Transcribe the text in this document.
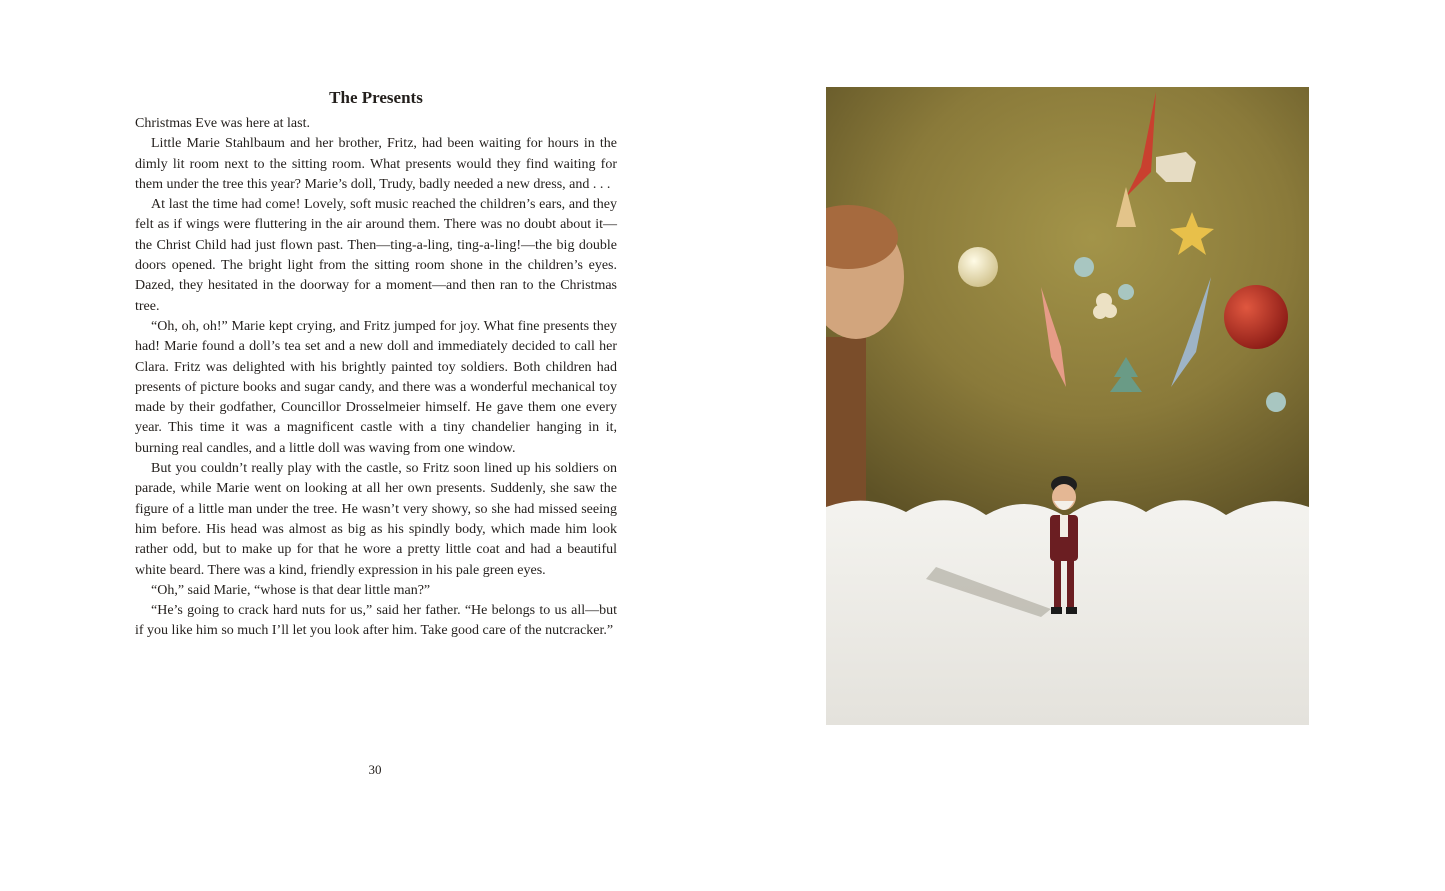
The Presents

Christmas Eve was here at last.

Little Marie Stahlbaum and her brother, Fritz, had been waiting for hours in the dimly lit room next to the sitting room. What presents would they find waiting for them under the tree this year? Marie’s doll, Trudy, badly needed a new dress, and . . .

At last the time had come! Lovely, soft music reached the children’s ears, and they felt as if wings were fluttering in the air around them. There was no doubt about it—the Christ Child had just flown past. Then—ting-a-ling, ting-a-ling!—the big double doors opened. The bright light from the sitting room shone in the children’s eyes. Dazed, they hesitated in the doorway for a moment—and then ran to the Christmas tree.

“Oh, oh, oh!” Marie kept crying, and Fritz jumped for joy. What fine presents they had! Marie found a doll’s tea set and a new doll and immediately decided to call her Clara. Fritz was delighted with his brightly painted toy soldiers. Both children had presents of picture books and sugar candy, and there was a wonderful mechanical toy made by their godfather, Councillor Drosselmeier himself. He gave them one every year. This time it was a magnificent castle with a tiny chandelier hanging in it, burning real candles, and a little doll was waving from one window.

But you couldn’t really play with the castle, so Fritz soon lined up his soldiers on parade, while Marie went on looking at all her own presents. Suddenly, she saw the figure of a little man under the tree. He wasn’t very showy, so she had missed seeing him before. His head was almost as big as his spindly body, which made him look rather odd, but to make up for that he wore a pretty little coat and had a beautiful white beard. There was a kind, friendly expression in his pale green eyes.

“Oh,” said Marie, “whose is that dear little man?”

“He’s going to crack hard nuts for us,” said her father. “He belongs to us all—but if you like him so much I’ll let you look after him. Take good care of the nutcracker.”

30
